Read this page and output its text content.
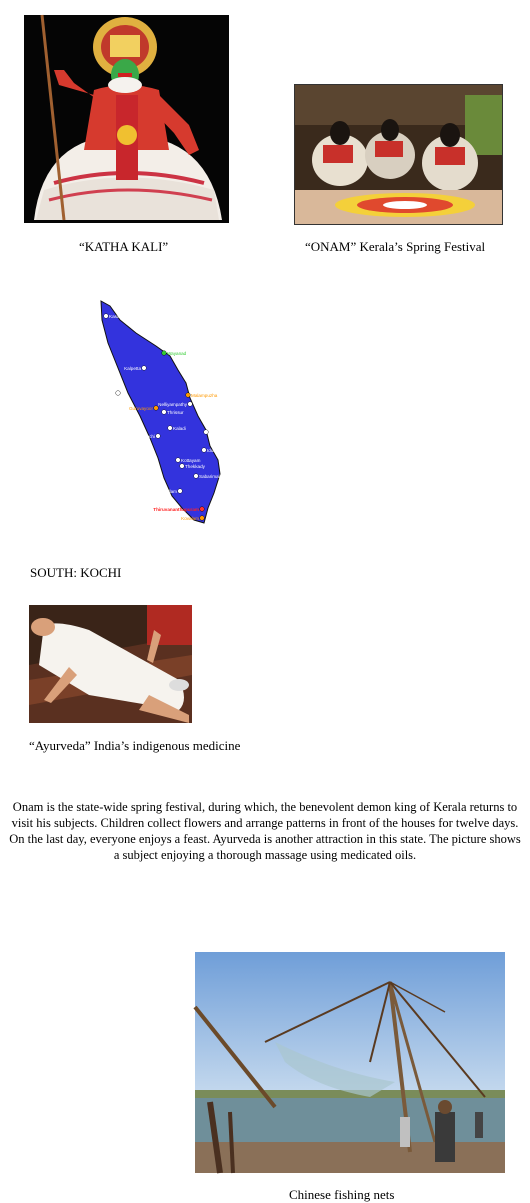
“KATHA KALI”	“ONAM” Kerala’s Spring Festival
Kasargod
Wayanad
Kalpetta
Kozhikode	Malampuzha
Nelliyampathy
Guruvayoor
Thrissur
Kaladi
Kochi
Munnar
Idukki
Kottayam
Thekkady
Sabarimala
Kollam
Thiruvananthapuram
Kovalam
SOUTH: KOCHI
“Ayurveda” India’s indigenous medicine
Onam is the state-wide spring festival, during which, the benevolent demon king of Kerala returns to visit his subjects. Children collect flowers and arrange patterns in front of the houses for twelve days. On the last day, everyone enjoys a feast. Ayurveda is another attraction in this state. The picture shows a subject enjoying a thorough massage using medicated oils.
Chinese fishing nets
